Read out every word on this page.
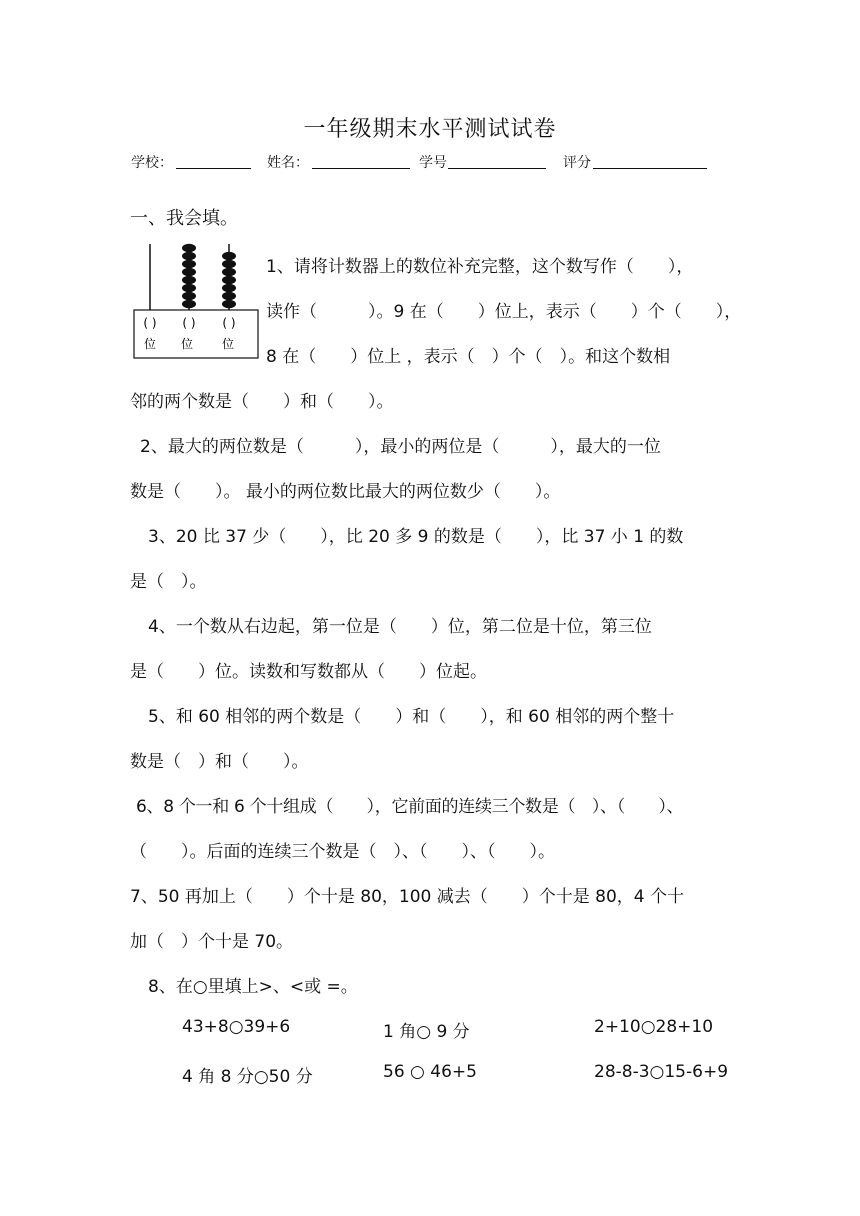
一年级期末水平测试试卷
学校：	姓名：	学号	评分
一、我会填。
( ) ( ) ( )
位 位 位
1、请将计数器上的数位补充完整，这个数写作（　　），
读作（　　　）。9 在（　　）位上，表示（　　）个（　　），
8 在（　　）位上 ，表示（　）个（　）。和这个数相
邻的两个数是（　　）和（　　）。
2、最大的两位数是（　　　），最小的两位是（　　　），最大的一位
数是（　　）。 最小的两位数比最大的两位数少（　　）。
3、20 比 37 少（　　），比 20 多 9 的数是（　　），比 37 小 1 的数
是（　）。
4、一个数从右边起，第一位是（　　）位，第二位是十位，第三位
是（　　）位。读数和写数都从（　　）位起。
5、和 60 相邻的两个数是（　　）和（　　），和 60 相邻的两个整十
数是（　）和（　　）。
6、8 个一和 6 个十组成（　　），它前面的连续三个数是（　）、（　　）、
（　　）。后面的连续三个数是（　）、（　　）、（　　）。
7、50 再加上（　　）个十是 80，100 减去（　　）个十是 80，4 个十
加（　）个十是 70。
8、在○里填上>、<或 =。
43+8○39+6	1 角○ 9 分	2+10○28+10
4 角 8 分○50 分	56 ○ 46+5	28-8-3○15-6+9
